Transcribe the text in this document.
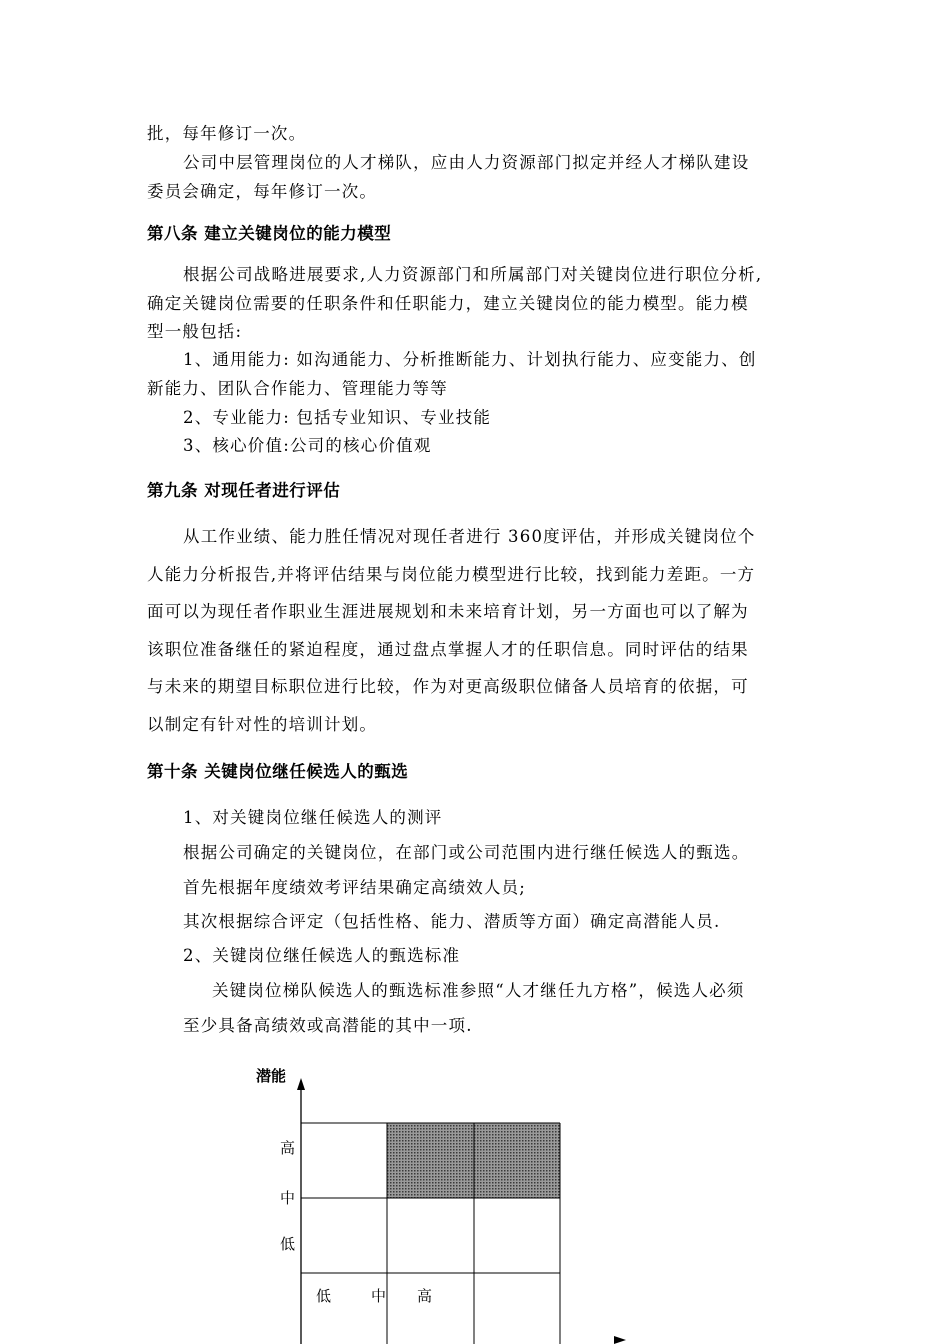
批，每年修订一次。
公司中层管理岗位的人才梯队，应由人力资源部门拟定并经人才梯队建设
委员会确定，每年修订一次。
第八条 建立关键岗位的能力模型
根据公司战略进展要求,人力资源部门和所属部门对关键岗位进行职位分析,
确定关键岗位需要的任职条件和任职能力，建立关键岗位的能力模型。能力模
型一般包括:
1、通用能力: 如沟通能力、分析推断能力、计划执行能力、应变能力、创
新能力、团队合作能力、管理能力等等
2、专业能力: 包括专业知识、专业技能
3、核心价值:公司的核心价值观
第九条 对现任者进行评估
从工作业绩、能力胜任情况对现任者进行 360度评估，并形成关键岗位个
人能力分析报告,并将评估结果与岗位能力模型进行比较，找到能力差距。一方
面可以为现任者作职业生涯进展规划和未来培育计划，另一方面也可以了解为
该职位准备继任的紧迫程度，通过盘点掌握人才的任职信息。同时评估的结果
与未来的期望目标职位进行比较，作为对更高级职位储备人员培育的依据，可
以制定有针对性的培训计划。
第十条 关键岗位继任候选人的甄选
1、对关键岗位继任候选人的测评
根据公司确定的关键岗位，在部门或公司范围内进行继任候选人的甄选。
首先根据年度绩效考评结果确定高绩效人员;
其次根据综合评定（包括性格、能力、潜质等方面）确定高潜能人员.
2、关键岗位继任候选人的甄选标准
关键岗位梯队候选人的甄选标准参照“人才继任九方格”，候选人必须
至少具备高绩效或高潜能的其中一项.
潜能
高
中
低
低	中 高
